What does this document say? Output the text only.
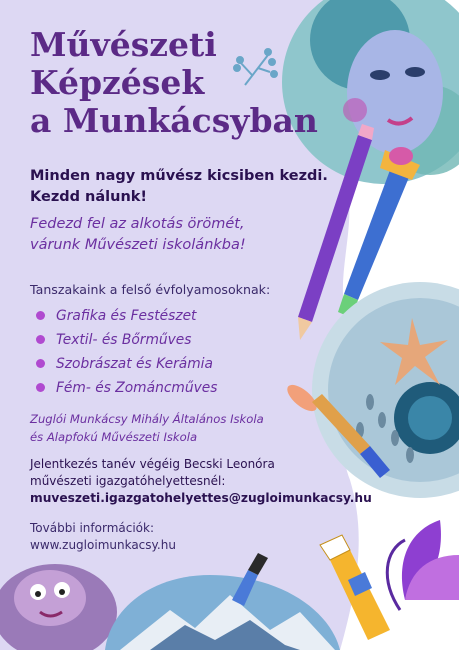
Művészeti
Képzések
a Munkácsyban
Minden nagy művész kicsiben kezdi.
Kezdd nálunk!
Fedezd fel az alkotás örömét,
várunk Művészeti iskolánkba!
Tanszakaink a felső évfolyamosoknak:
Grafika és Festészet
Textil- és Bőrműves
Szobrászat és Kerámia
Fém- és Zománcműves
Zuglói Munkácsy Mihály Általános Iskola
és Alapfokú Művészeti Iskola
Jelentkezés tanév végéig Becski Leonóra
művészeti igazgatóhelyettesnél:
muveszeti.igazgatohelyettes@zugloimunkacsy.hu
További információk:
www.zugloimunkacsy.hu
